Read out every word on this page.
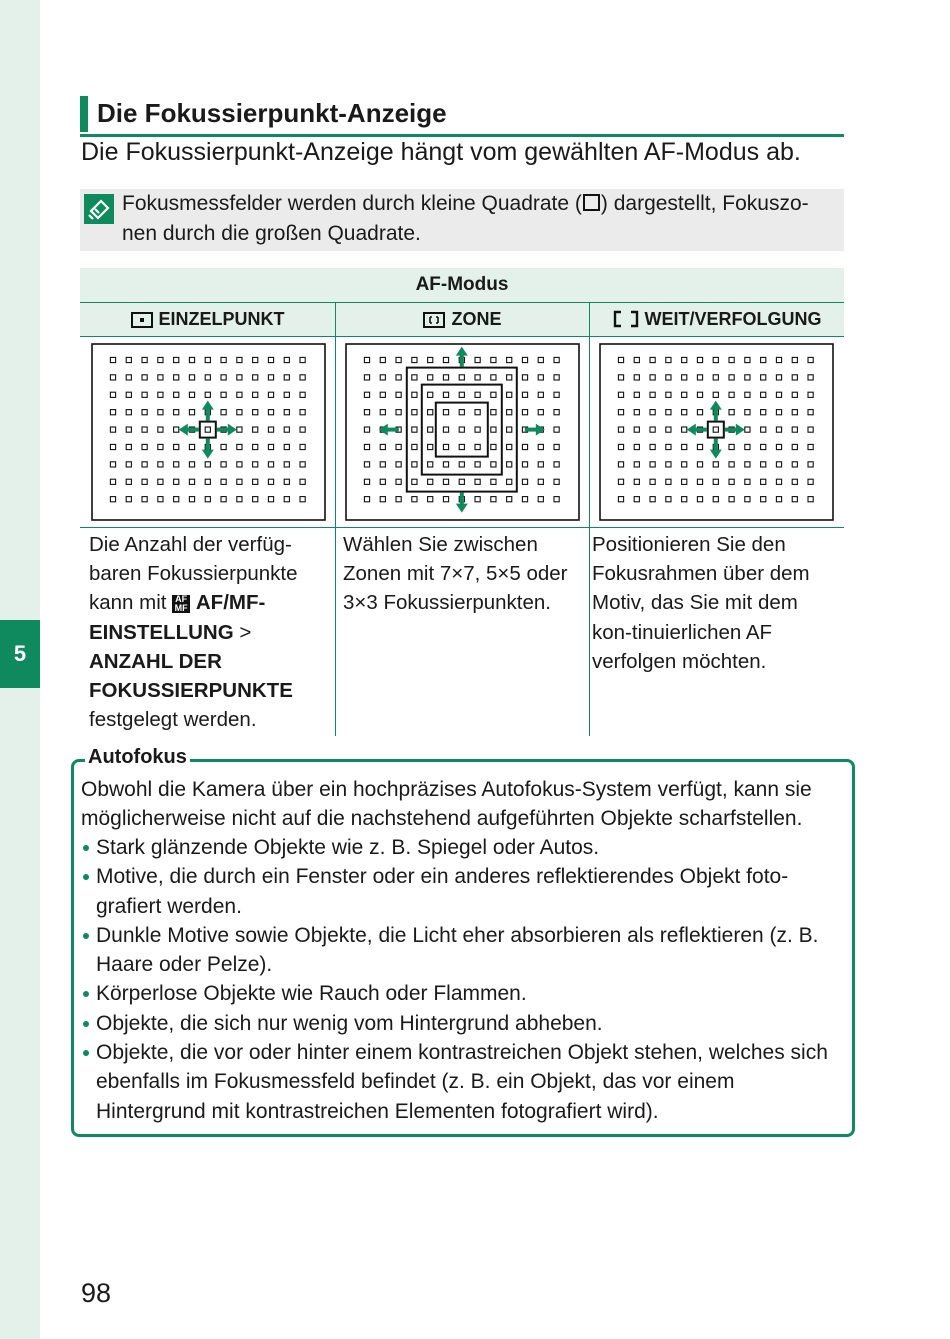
5
Die Fokussierpunkt-Anzeige
Die Fokussierpunkt-Anzeige hängt vom gewählten AF-Modus ab.
Fokusmessfelder werden durch kleine Quadrate ( ) dargestellt, Fokuszo-nen durch die großen Quadrate.
AF-Modus
EINZELPUNKT	ZONE	WEIT/VERFOLGUNG
Die Anzahl der verfüg-baren Fokussierpunkte kann mit AF
MF AF/MF-EINSTELLUNG > ANZAHL DER FOKUSSIERPUNKTE festgelegt werden.
Wählen Sie zwischen Zonen mit 7×7, 5×5 oder 3×3 Fokussierpunkten.
Positionieren Sie den Fokusrahmen über dem Motiv, das Sie mit dem kon-tinuierlichen AF verfolgen möchten.
Autofokus
Obwohl die Kamera über ein hochpräzises Autofokus-System verfügt, kann sie möglicherweise nicht auf die nachstehend aufgeführten Objekte scharfstellen.
Stark glänzende Objekte wie z. B. Spiegel oder Autos.
Motive, die durch ein Fenster oder ein anderes reflektierendes Objekt foto-grafiert werden.
Dunkle Motive sowie Objekte, die Licht eher absorbieren als reflektieren (z. B. Haare oder Pelze).
Körperlose Objekte wie Rauch oder Flammen.
Objekte, die sich nur wenig vom Hintergrund abheben.
Objekte, die vor oder hinter einem kontrastreichen Objekt stehen, welches sich ebenfalls im Fokusmessfeld befindet (z. B. ein Objekt, das vor einem Hintergrund mit kontrastreichen Elementen fotografiert wird).
98
